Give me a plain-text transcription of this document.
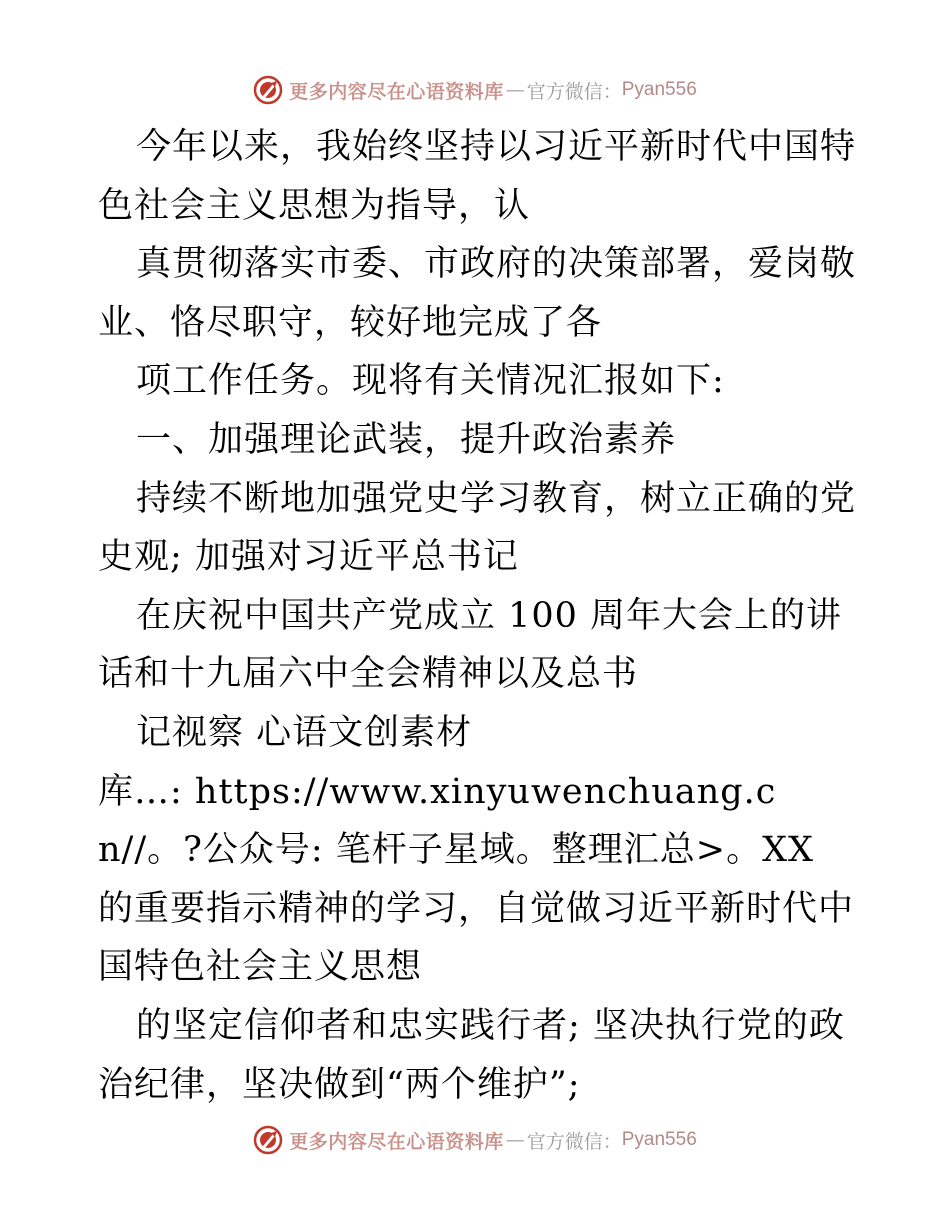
更多内容尽在心语资料库 — 官方微信： Pyan556

今年以来，我始终坚持以习近平新时代中国特色社会主义思想为指导，认

真贯彻落实市委、市政府的决策部署，爱岗敬业、恪尽职守，较好地完成了各

项工作任务。现将有关情况汇报如下:

一、加强理论武装，提升政治素养

持续不断地加强党史学习教育，树立正确的党史观; 加强对习近平总书记

在庆祝中国共产党成立 100 周年大会上的讲话和十九届六中全会精神以及总书

记视察 心语文创素材

库…: https://www.xinyuwenchuang.cn//。?公众号: 笔杆子星域。整理汇总>。XX 的重要指示精神的学习，自觉做习近平新时代中国特色社会主义思想

的坚定信仰者和忠实践行者; 坚决执行党的政治纪律，坚决做到“两个维护”;

更多内容尽在心语资料库 — 官方微信： Pyan556
